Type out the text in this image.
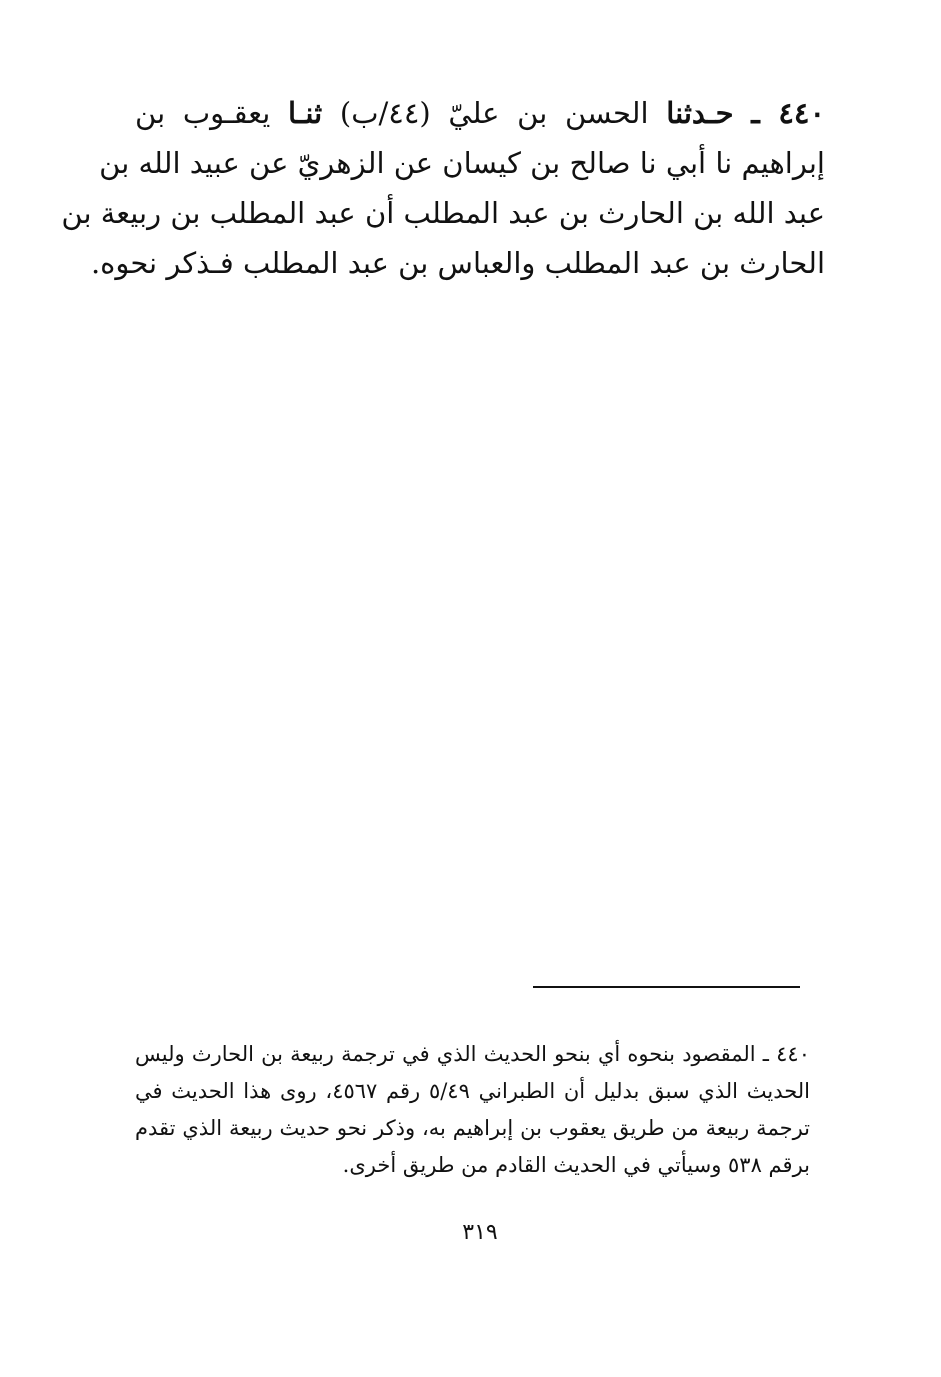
٤٤٠ ـ حـدثنا الحسن بن عليّ (٤٤/ب) ثنـا يعقـوب بن
إبراهيم نا أبي نا صالح بن كيسان عن الزهريّ عن عبيد الله بن
عبد الله بن الحارث بن عبد المطلب أن عبد المطلب بن ربيعة بن
الحارث بن عبد المطلب والعباس بن عبد المطلب فـذكر نحوه.
٤٤٠ ـ المقصود بنحوه أي بنحو الحديث الذي في ترجمة ربيعة بن الحارث وليس
الحديث الذي سبق بدليل أن الطبراني ٥/٤٩ رقم ٤٥٦٧، روى هذا الحديث في
ترجمة ربيعة من طريق يعقوب بن إبراهيم به، وذكر نحو حديث ربيعة الذي تقدم
برقم ٥٣٨ وسيأتي في الحديث القادم من طريق أخرى.
٣١٩
